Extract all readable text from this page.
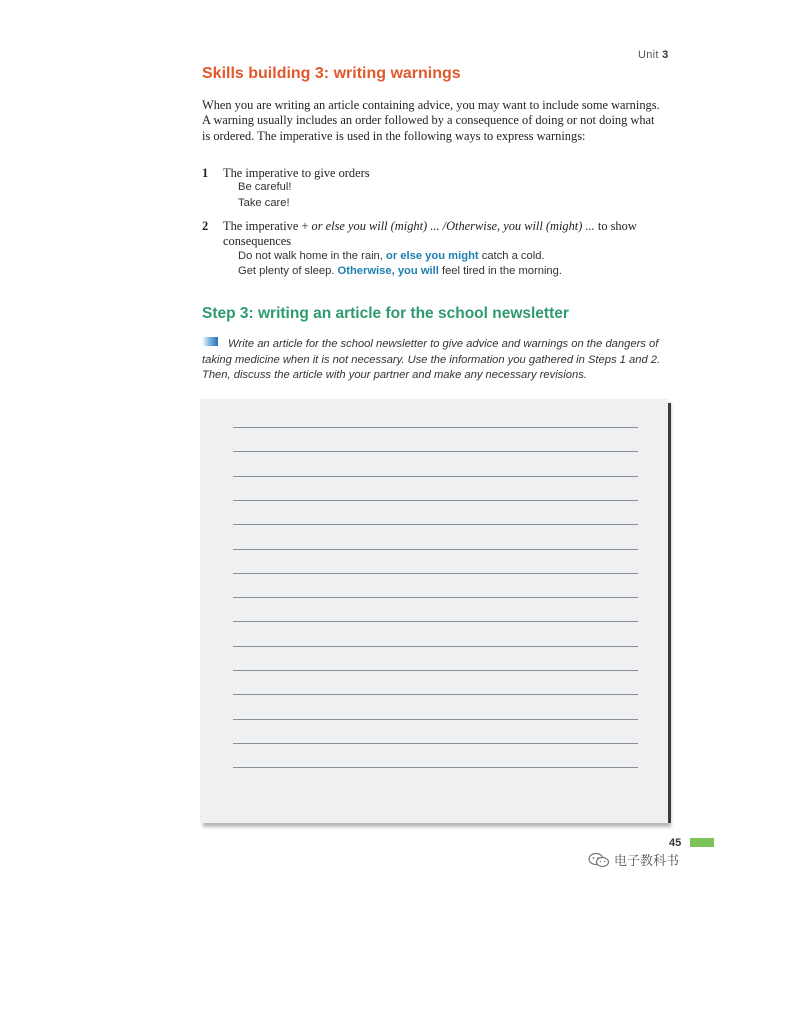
Unit 3
Skills building 3: writing warnings

When you are writing an article containing advice, you may want to include some warnings. A warning usually includes an order followed by a consequence of doing or not doing what is ordered. The imperative is used in the following ways to express warnings:

1 The imperative to give orders
Be careful!
Take care!
2 The imperative + or else you will (might) ... /Otherwise, you will (might) ... to show
consequences
Do not walk home in the rain, or else you might catch a cold.
Get plenty of sleep. Otherwise, you will feel tired in the morning.
Step 3: writing an article for the school newsletter

Write an article for the school newsletter to give advice and warnings on the dangers of taking medicine when it is not necessary. Use the information you gathered in Steps 1 and 2. Then, discuss the article with your partner and make any necessary revisions.

45
电子教科书
